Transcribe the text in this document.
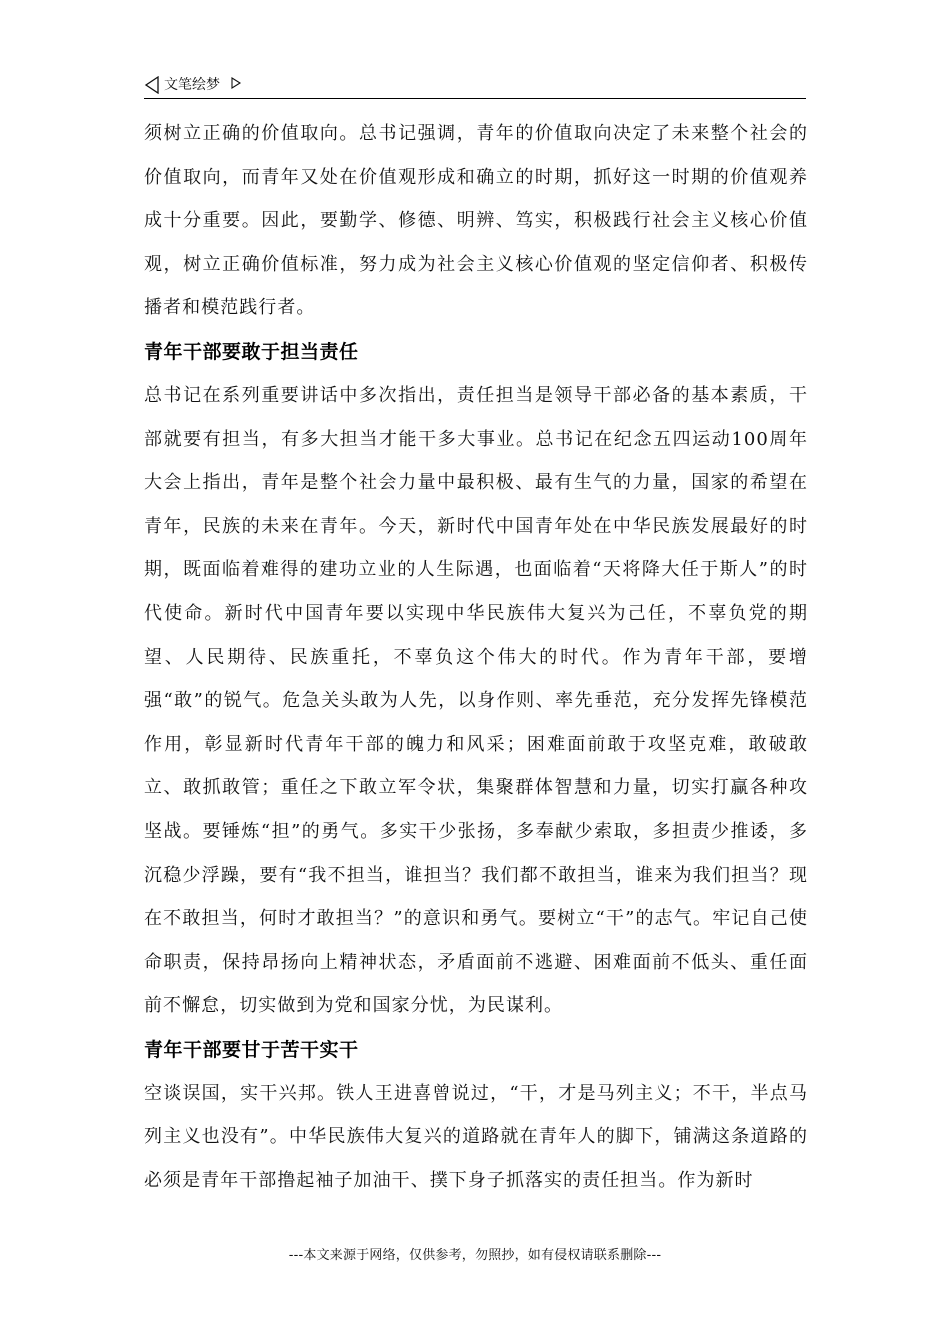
文笔绘梦

须树立正确的价值取向。总书记强调，青年的价值取向决定了未来整个社会的价值取向，而青年又处在价值观形成和确立的时期，抓好这一时期的价值观养成十分重要。因此，要勤学、修德、明辨、笃实，积极践行社会主义核心价值观，树立正确价值标准，努力成为社会主义核心价值观的坚定信仰者、积极传播者和模范践行者。

青年干部要敢于担当责任

总书记在系列重要讲话中多次指出，责任担当是领导干部必备的基本素质，干部就要有担当，有多大担当才能干多大事业。总书记在纪念五四运动100周年大会上指出，青年是整个社会力量中最积极、最有生气的力量，国家的希望在青年，民族的未来在青年。今天，新时代中国青年处在中华民族发展最好的时期，既面临着难得的建功立业的人生际遇，也面临着“天将降大任于斯人”的时代使命。新时代中国青年要以实现中华民族伟大复兴为己任，不辜负党的期望、人民期待、民族重托，不辜负这个伟大的时代。作为青年干部，要增强“敢”的锐气。危急关头敢为人先，以身作则、率先垂范，充分发挥先锋模范作用，彰显新时代青年干部的魄力和风采；困难面前敢于攻坚克难，敢破敢立、敢抓敢管；重任之下敢立军令状，集聚群体智慧和力量，切实打赢各种攻坚战。要锤炼“担”的勇气。多实干少张扬，多奉献少索取，多担责少推诿，多沉稳少浮躁，要有“我不担当，谁担当？我们都不敢担当，谁来为我们担当？现在不敢担当，何时才敢担当？”的意识和勇气。要树立“干”的志气。牢记自己使命职责，保持昂扬向上精神状态，矛盾面前不逃避、困难面前不低头、重任面前不懈怠，切实做到为党和国家分忧，为民谋利。

青年干部要甘于苦干实干

空谈误国，实干兴邦。铁人王进喜曾说过，“干，才是马列主义；不干，半点马列主义也没有”。中华民族伟大复兴的道路就在青年人的脚下，铺满这条道路的必须是青年干部撸起袖子加油干、撲下身子抓落实的责任担当。作为新时

---本文来源于网络，仅供参考，勿照抄，如有侵权请联系删除---
